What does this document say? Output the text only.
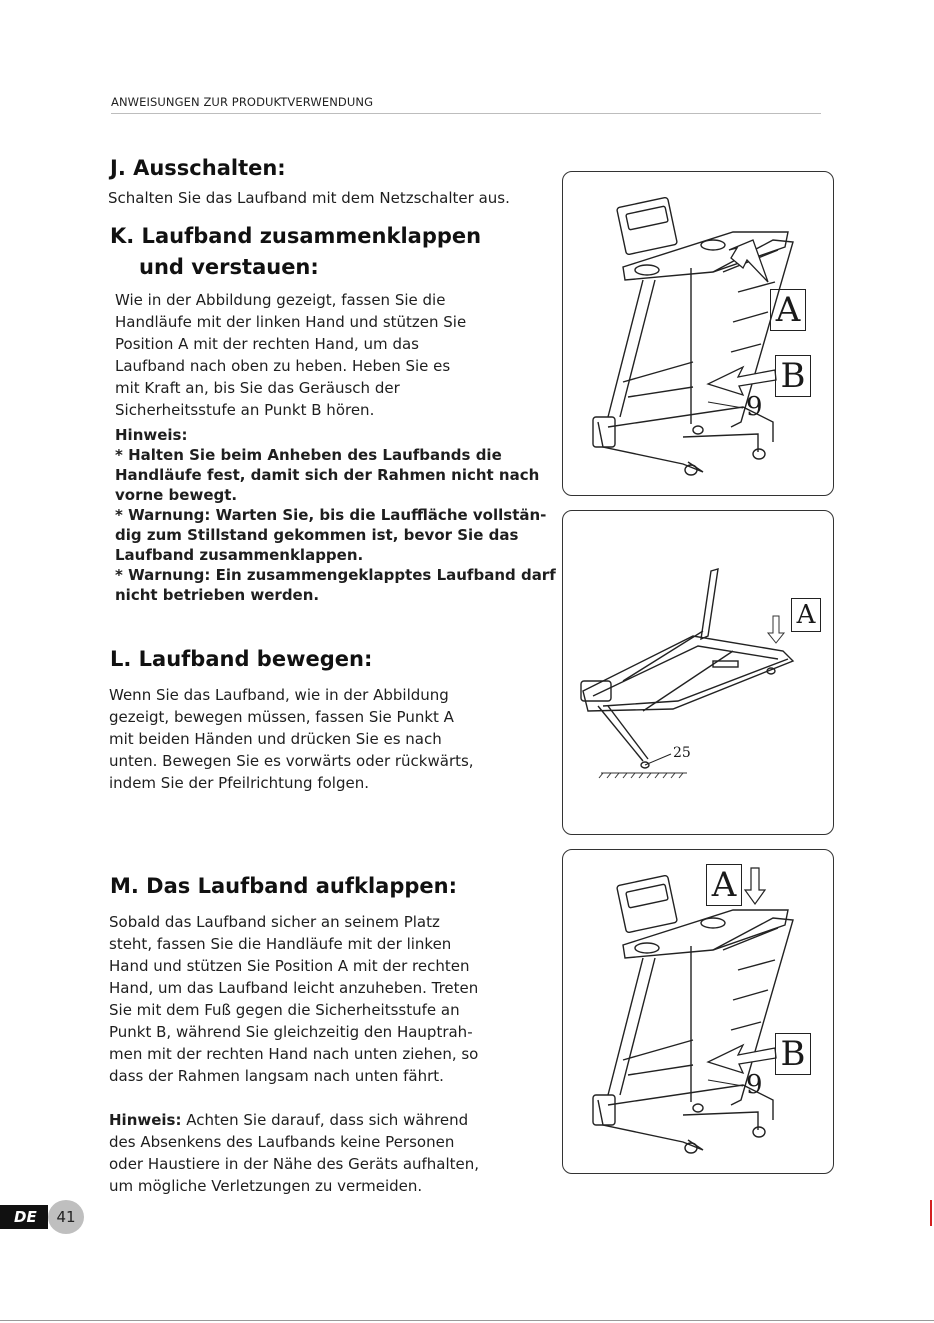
ANWEISUNGEN ZUR PRODUKTVERWENDUNG
J. Ausschalten:
Schalten Sie das Laufband mit dem Netzschalter aus.
K. Laufband zusammenklappen
und verstauen:
Wie in der Abbildung gezeigt, fassen Sie die
Handläufe mit der linken Hand und stützen Sie
Position A mit der rechten Hand, um das
Laufband nach oben zu heben. Heben Sie es
mit Kraft an, bis Sie das Geräusch der
Sicherheitsstufe an Punkt B hören.
Hinweis:
* Halten Sie beim Anheben des Laufbands die
Handläufe fest, damit sich der Rahmen nicht nach
vorne bewegt.
* Warnung: Warten Sie, bis die Lauffläche vollstän-
dig zum Stillstand gekommen ist, bevor Sie das
Laufband zusammenklappen.
* Warnung: Ein zusammengeklapptes Laufband darf
nicht betrieben werden.
L. Laufband bewegen:
Wenn Sie das Laufband, wie in der Abbildung
gezeigt, bewegen müssen, fassen Sie Punkt A
mit beiden Händen und drücken Sie es nach
unten. Bewegen Sie es vorwärts oder rückwärts,
indem Sie der Pfeilrichtung folgen.
M. Das Laufband aufklappen:
Sobald das Laufband sicher an seinem Platz
steht, fassen Sie die Handläufe mit der linken
Hand und stützen Sie Position A mit der rechten
Hand, um das Laufband leicht anzuheben. Treten
Sie mit dem Fuß gegen die Sicherheitsstufe an
Punkt B, während Sie gleichzeitig den Hauptrah-
men mit der rechten Hand nach unten ziehen, so
dass der Rahmen langsam nach unten fährt.
Hinweis: Achten Sie darauf, dass sich während
des Absenkens des Laufbands keine Personen
oder Haustiere in der Nähe des Geräts aufhalten,
um mögliche Verletzungen zu vermeiden.
A
B
9
A
25
A
B
9
DE	41
